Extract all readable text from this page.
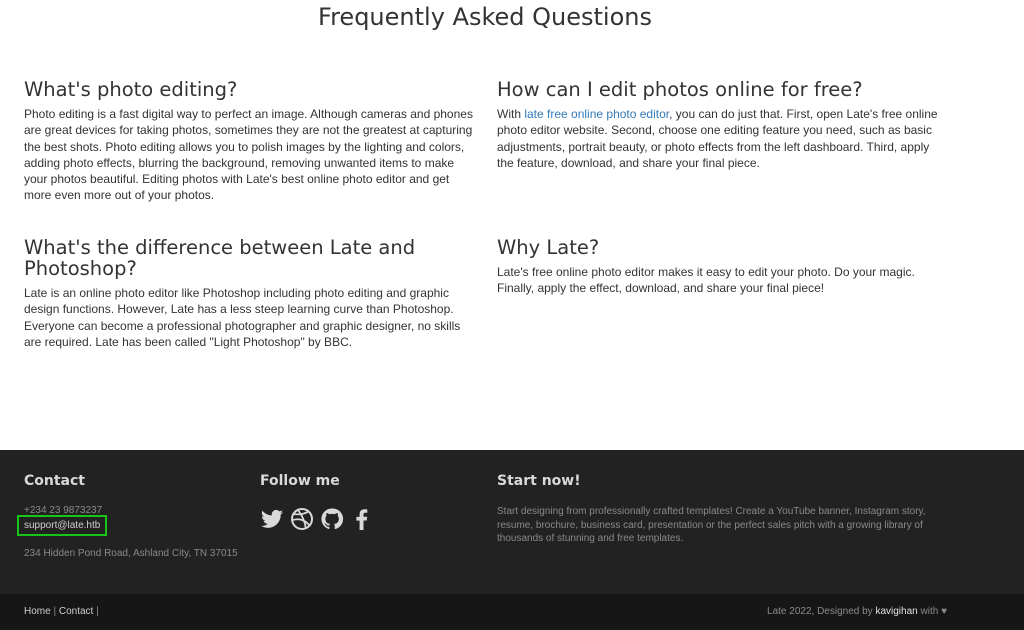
Frequently Asked Questions
What's photo editing?

Photo editing is a fast digital way to perfect an image. Although cameras and phones are great devices for taking photos, sometimes they are not the greatest at capturing the best shots. Photo editing allows you to polish images by the lighting and colors, adding photo effects, blurring the background, removing unwanted items to make your photos beautiful. Editing photos with Late's best online photo editor and get more even more out of your photos.

How can I edit photos online for free?

With late free online photo editor, you can do just that. First, open Late's free online photo editor website. Second, choose one editing feature you need, such as basic adjustments, portrait beauty, or photo effects from the left dashboard. Third, apply the feature, download, and share your final piece.

What's the difference between Late and Photoshop?

Late is an online photo editor like Photoshop including photo editing and graphic design functions. However, Late has a less steep learning curve than Photoshop. Everyone can become a professional photographer and graphic designer, no skills are required. Late has been called "Light Photoshop" by BBC.

Why Late?

Late's free online photo editor makes it easy to edit your photo. Do your magic. Finally, apply the effect, download, and share your final piece!

Contact
+234 23 9873237
support@late.htb
234 Hidden Pond Road, Ashland City, TN 37015
Follow me	Start now!
Start designing from professionally crafted templates! Create a YouTube banner, Instagram story, resume, brochure, business card, presentation or the perfect sales pitch with a growing library of thousands of stunning and free templates.
Home | Contact |	Late 2022, Designed by kavigihan with ♥
